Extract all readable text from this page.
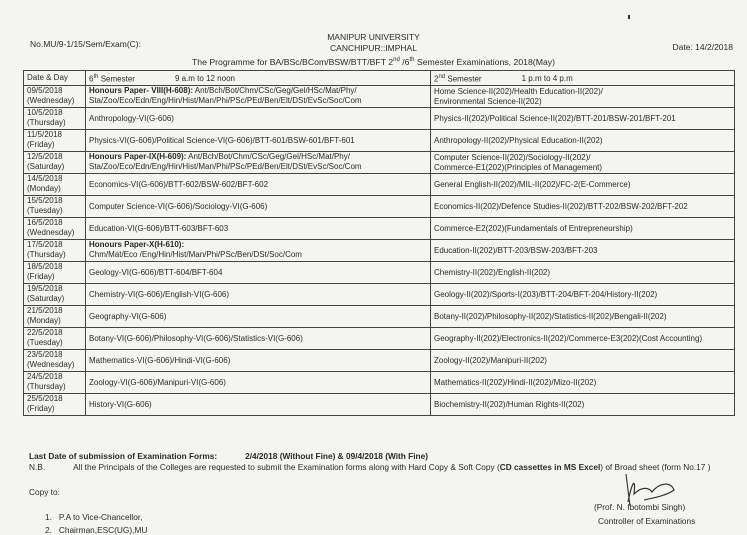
MANIPUR UNIVERSITY
CANCHIPUR::IMPHAL
No.MU/9-1/15/Sem/Exam(C):	Date: 14/2/2018
The Programme for BA/BSc/BCom/BSW/BTT/BFT 2nd /6th Semester Examinations, 2018(May)
Date & Day	6th Semester 9 a.m to 12 noon	2nd Semester 1 p.m to 4 p.m
09/5/2018
(Wednesday)	Honours Paper- VIII(H-608): Ant/Bch/Bot/Chm/CSc/Geg/Gel/HSc/Mat/Phy/
Sta/Zoo/Eco/Edn/Eng/Hin/Hist/Man/Phi/PSc/PEd/Ben/Elt/DSt/EvSc/Soc/Com	Home Science-II(202)/Health Education-II(202)/
Environmental Science-II(202)
10/5/2018
(Thursday)	Anthropology-VI(G-606)	Physics-II(202)/Political Science-II(202)/BTT-201/BSW-201/BFT-201
11/5/2018
(Friday)	Physics-VI(G-606)/Political Science-VI(G-606)/BTT-601/BSW-601/BFT-601	Anthropology-II(202)/Physical Education-II(202)
12/5/2018
(Saturday)	Honours Paper-IX(H-609): Ant/Bch/Bot/Chm/CSc/Geg/Gel/HSc/Mat/Phy/
Sta/Zoo/Eco/Edn/Eng/Hin/Hist/Man/Phi/PSc/PEd/Ben/Elt/DSt/EvSc/Soc/Com	Computer Science-II(202)/Sociology-II(202)/
Commerce-E1(202)(Principles of Management)
14/5/2018
(Monday)	Economics-VI(G-606)/BTT-602/BSW-602/BFT-602	General English-II(202)/MIL-II(202)/FC-2(E-Commerce)
15/5/2018
(Tuesday)	Computer Science-VI(G-606)/Sociology-VI(G-606)	Economics-II(202)/Defence Studies-II(202)/BTT-202/BSW-202/BFT-202
16/5/2018
(Wednesday)	Education-VI(G-606)/BTT-603/BFT-603	Commerce-E2(202)(Fundamentals of Entrepreneurship)
17/5/2018
(Thursday)	Honours Paper-X(H-610):
Chm/Mat/Eco /Eng/Hin/Hist/Man/Phi/PSc/Ben/DSt/Soc/Com	Education-II(202)/BTT-203/BSW-203/BFT-203
18/5/2018
(Friday)	Geology-VI(G-606)/BTT-604/BFT-604	Chemistry-II(202)/English-II(202)
19/5/2018
(Saturday)	Chemistry-VI(G-606)/English-VI(G-606)	Geology-II(202)/Sports-I(203)/BTT-204/BFT-204/History-II(202)
21/5/2018
(Monday)	Geography-VI(G-606)	Botany-II(202)/Philosophy-II(202)/Statistics-II(202)/Bengali-II(202)
22/5/2018
(Tuesday)	Botany-VI(G-606)/Philosophy-VI(G-606)/Statistics-VI(G-606)	Geography-II(202)/Electronics-II(202)/Commerce-E3(202)(Cost Accounting)
23/5/2018
(Wednesday)	Mathematics-VI(G-606)/Hindi-VI(G-606)	Zoology-II(202)/Manipuri-II(202)
24/5/2018
(Thursday)	Zoology-VI(G-606)/Manipuri-VI(G-606)	Mathematics-II(202)/Hindi-II(202)/Mizo-II(202)
25/5/2018
(Friday)	History-VI(G-606)	Biochemistry-II(202)/Human Rights-II(202)
Last Date of submission of Examination Forms:	2/4/2018 (Without Fine) & 09/4/2018 (With Fine)
N.B.	All the Principals of the Colleges are requested to submit the Examination forms along with Hard Copy & Soft Copy (CD cassettes in MS Excel) of Broad sheet (form No.17 )
Copy to:
1.   P.A to Vice-Chancellor,
2.   Chairman,ESC(UG),MU
(Prof. N. Ibotombi Singh)
Controller of Examinations
